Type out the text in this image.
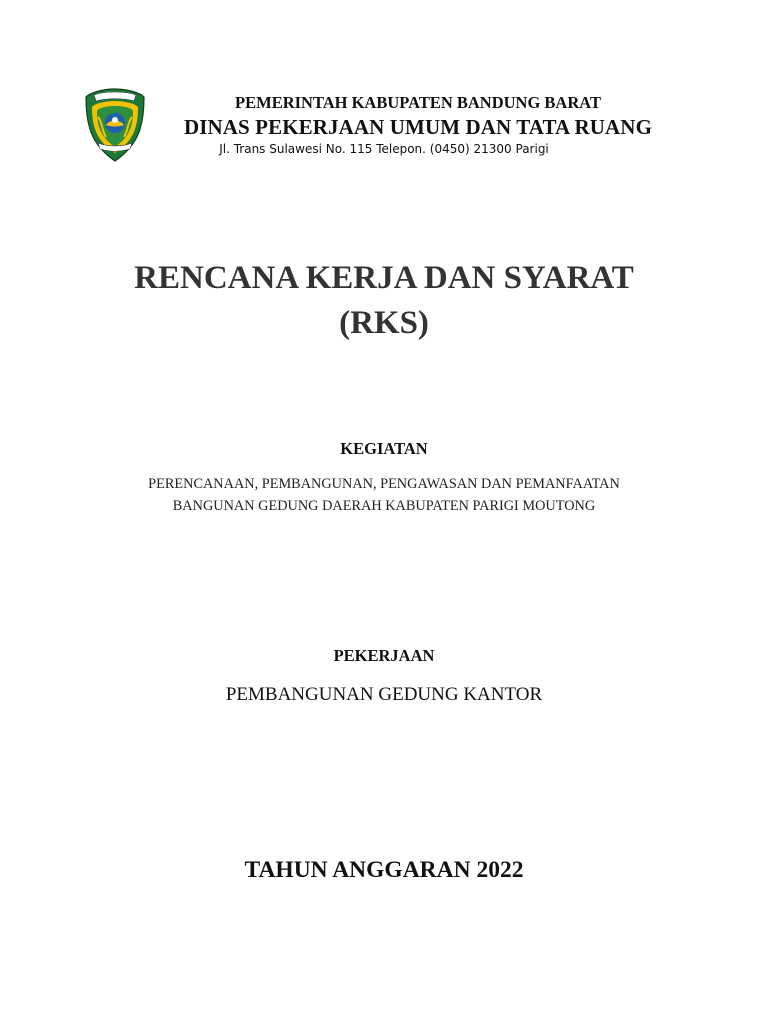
PEMERINTAH KABUPATEN BANDUNG BARAT
DINAS PEKERJAAN UMUM DAN TATA RUANG
Jl. Trans Sulawesi No. 115 Telepon. (0450) 21300 Parigi
RENCANA KERJA DAN SYARAT
(RKS)
KEGIATAN
PERENCANAAN, PEMBANGUNAN, PENGAWASAN DAN PEMANFAATAN
BANGUNAN GEDUNG DAERAH KABUPATEN PARIGI MOUTONG
PEKERJAAN
PEMBANGUNAN GEDUNG KANTOR
TAHUN ANGGARAN 2022
